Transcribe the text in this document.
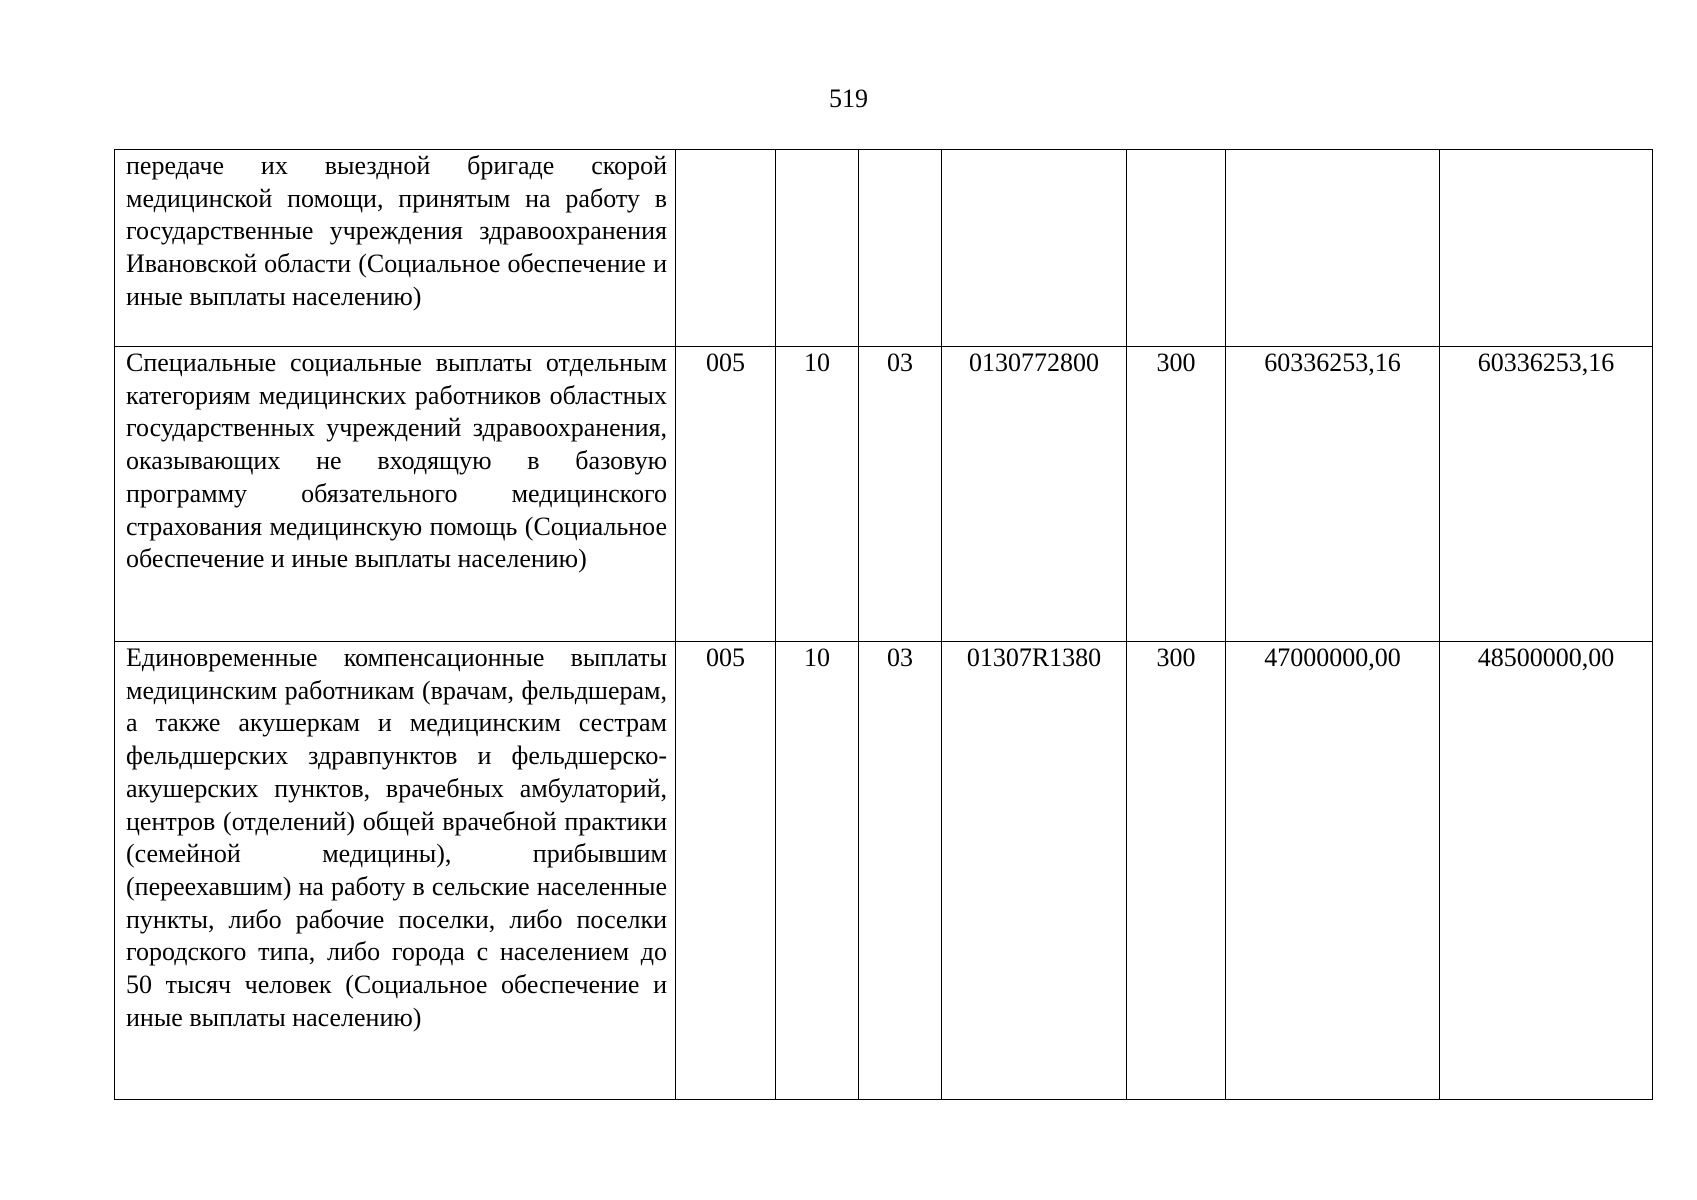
519
передаче их выездной бригаде скорой медицинской помощи, принятым на работу в государственные учреждения здравоохранения Ивановской области (Социальное обеспечение и иные выплаты населению)							
Специальные социальные выплаты отдельным категориям медицинских работников областных государственных учреждений здравоохранения, оказывающих не входящую в базовую программу обязательного медицинского страхования медицинскую помощь (Социальное обеспечение и иные выплаты населению)	005	10	03	0130772800	300	60336253,16	60336253,16
Единовременные компенсационные выплаты медицинским работникам (врачам, фельдшерам, а также акушеркам и медицинским сестрам фельдшерских здравпунктов и фельдшерско-акушерских пунктов, врачебных амбулаторий, центров (отделений) общей врачебной практики (семейной медицины), прибывшим (переехавшим) на работу в сельские населенные пункты, либо рабочие поселки, либо поселки городского типа, либо города с населением до 50 тысяч человек (Социальное обеспечение и иные выплаты населению)	005	10	03	01307R1380	300	47000000,00	48500000,00
